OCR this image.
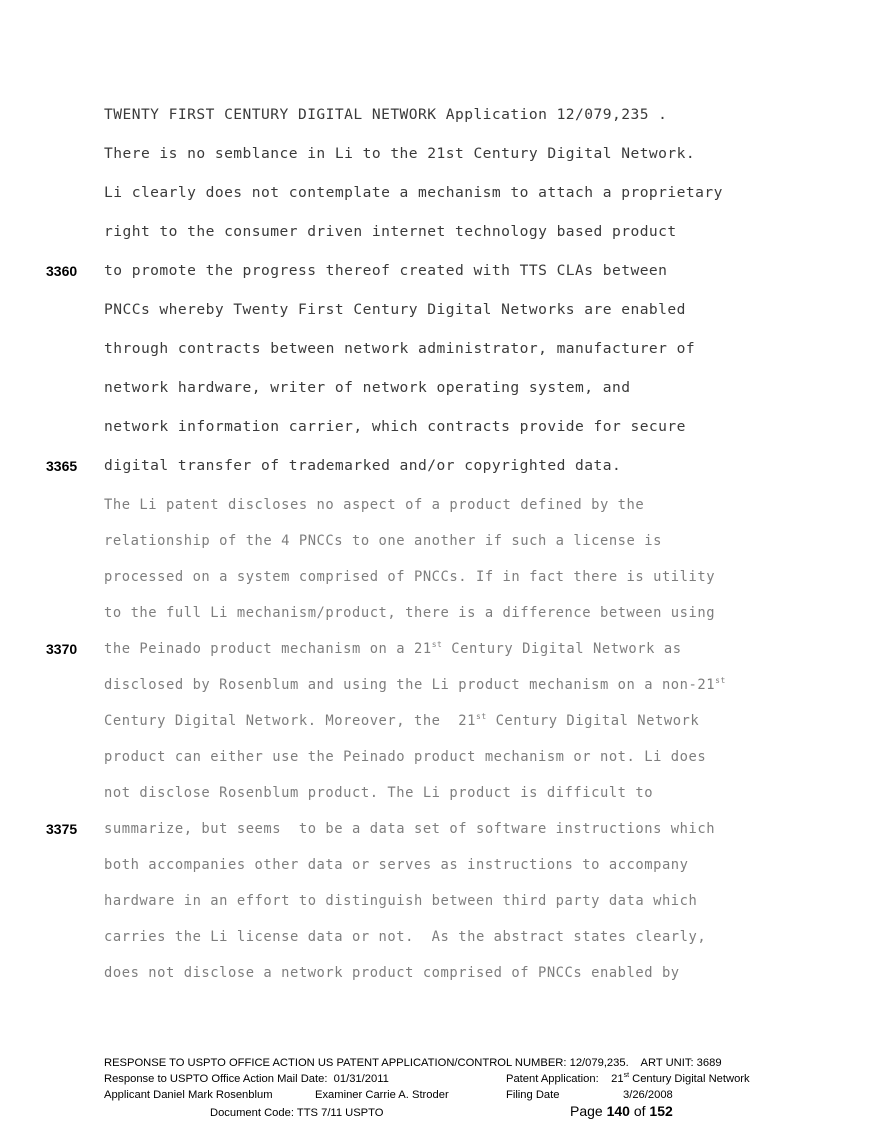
TWENTY FIRST CENTURY DIGITAL NETWORK Application 12/079,235 .
There is no semblance in Li to the 21st Century Digital Network.
Li clearly does not contemplate a mechanism to attach a proprietary
right to the consumer driven internet technology based product
to promote the progress thereof created with TTS CLAs between
PNCCs whereby Twenty First Century Digital Networks are enabled
through contracts between network administrator, manufacturer of
network hardware, writer of network operating system, and
network information carrier, which contracts provide for secure
digital transfer of trademarked and/or copyrighted data.
The Li patent discloses no aspect of a product defined by the
relationship of the 4 PNCCs to one another if such a license is
processed on a system comprised of PNCCs. If in fact there is utility
to the full Li mechanism/product, there is a difference between using
the Peinado product mechanism on a 21st Century Digital Network as
disclosed by Rosenblum and using the Li product mechanism on a non-21st
Century Digital Network. Moreover, the  21st Century Digital Network
product can either use the Peinado product mechanism or not. Li does
not disclose Rosenblum product. The Li product is difficult to
summarize, but seems  to be a data set of software instructions which
both accompanies other data or serves as instructions to accompany
hardware in an effort to distinguish between third party data which
carries the Li license data or not.  As the abstract states clearly,
does not disclose a network product comprised of PNCCs enabled by
3360
3365
3370
3375
RESPONSE TO USPTO OFFICE ACTION US PATENT APPLICATION/CONTROL NUMBER: 12/079,235.    ART UNIT: 3689
Response to USPTO Office Action Mail Date:  01/31/2011	Patent Application:    21st Century Digital Network
Applicant Daniel Mark Rosenblum	Examiner Carrie A. Stroder	Filing Date	3/26/2008
Document Code: TTS 7/11 USPTO	Page 140 of 152
